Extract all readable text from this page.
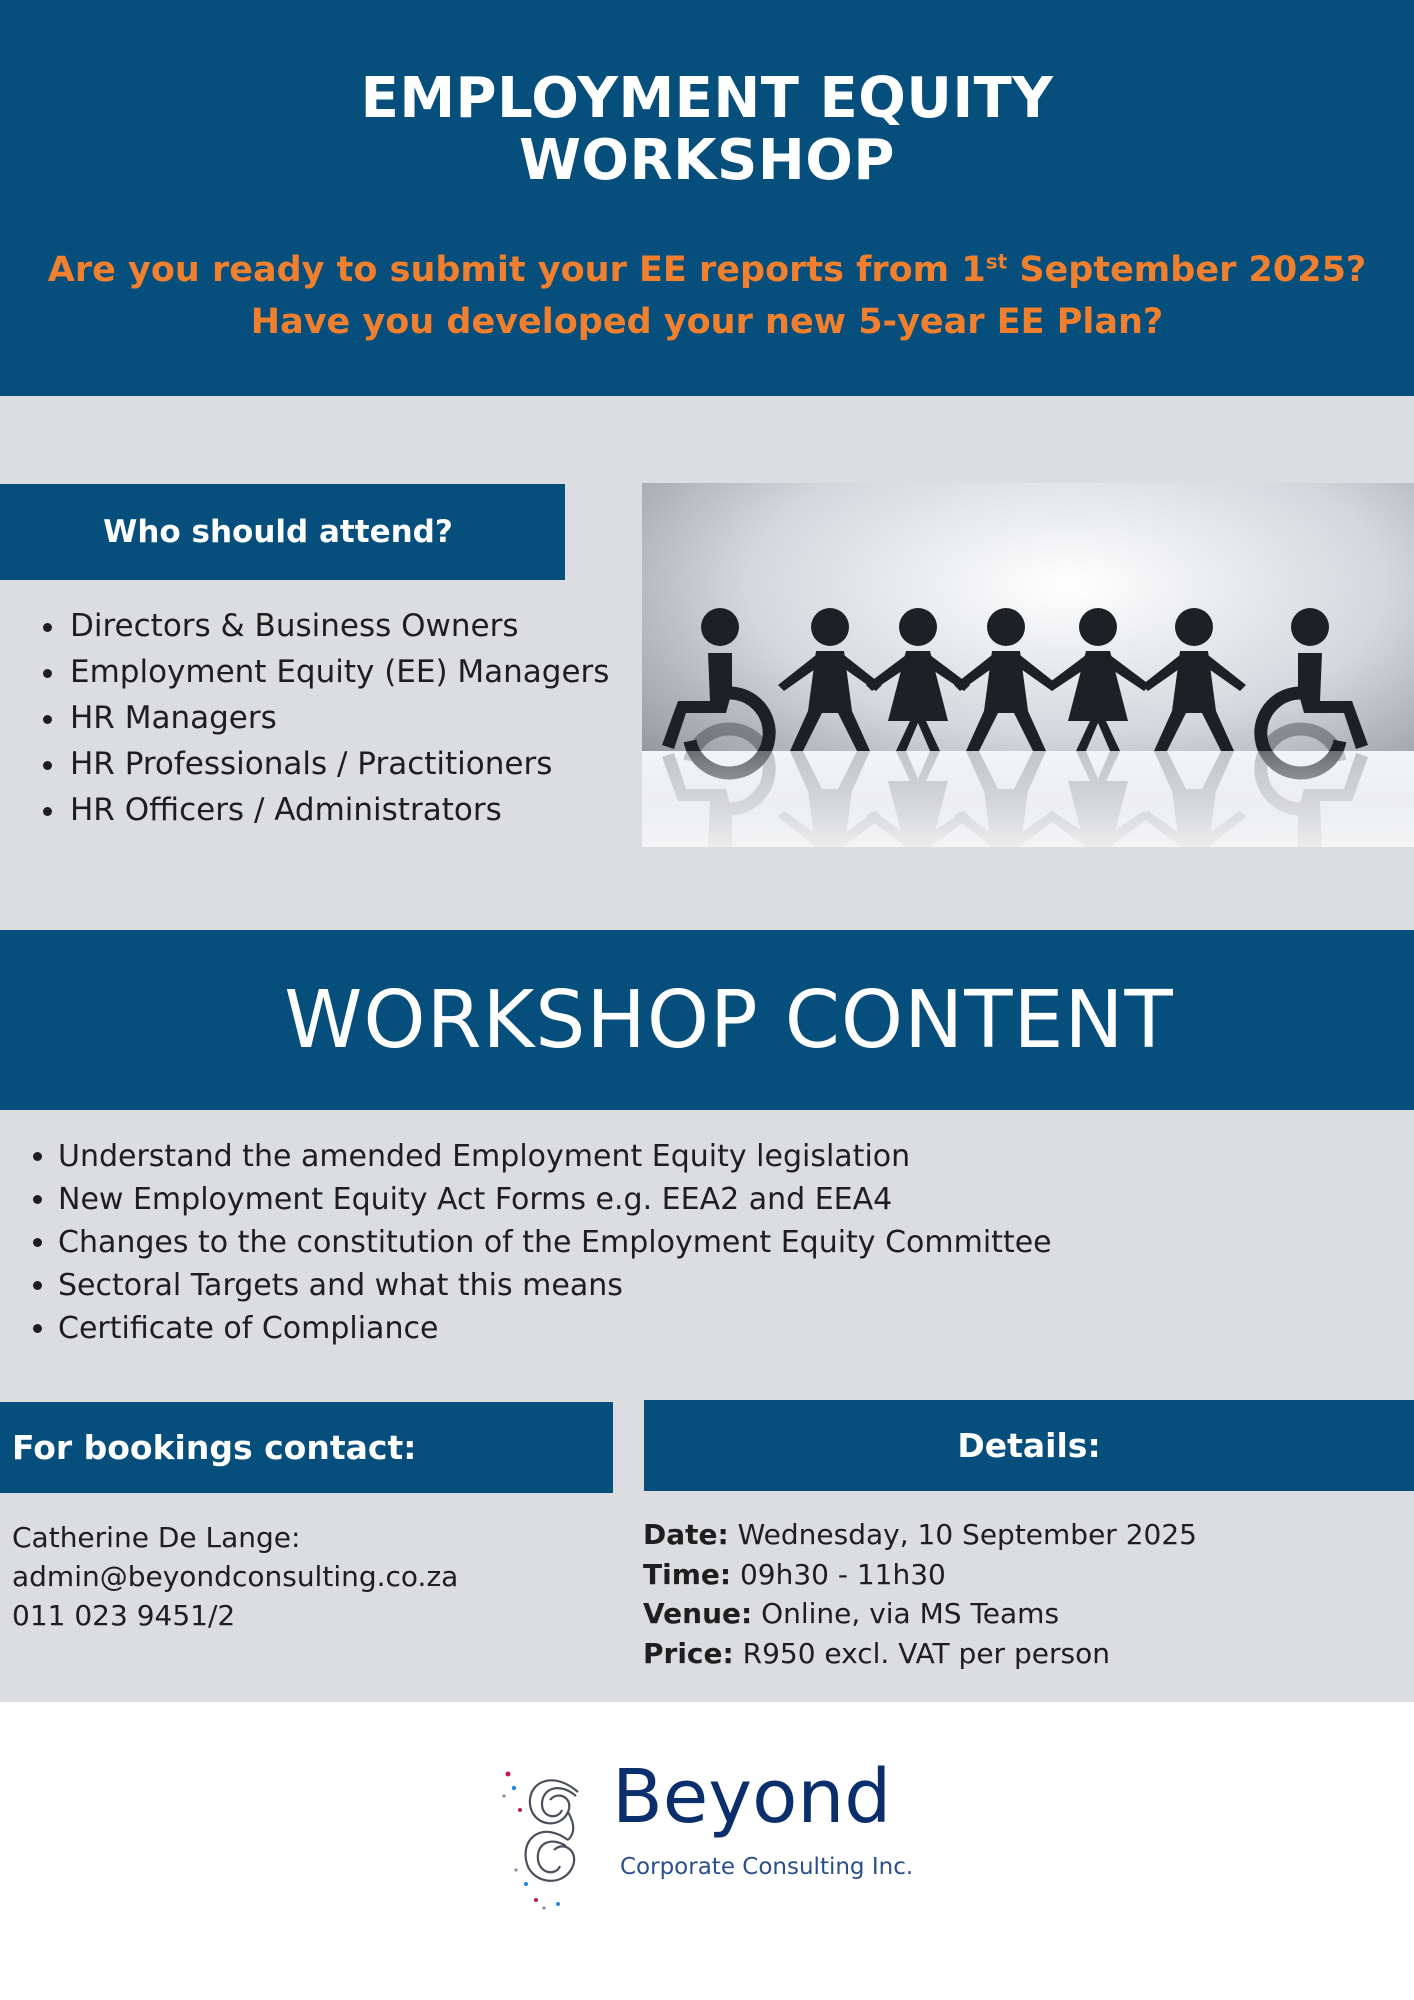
EMPLOYMENT EQUITY
WORKSHOP
Are you ready to submit your EE reports from 1st September 2025?
Have you developed your new 5-year EE Plan?
Who should attend?
• Directors & Business Owners
• Employment Equity (EE) Managers
• HR Managers
• HR Professionals / Practitioners
• HR Officers / Administrators
WORKSHOP CONTENT
• Understand the amended Employment Equity legislation
• New Employment Equity Act Forms e.g. EEA2 and EEA4
• Changes to the constitution of the Employment Equity Committee
• Sectoral Targets and what this means
• Certificate of Compliance
For bookings contact:
Catherine De Lange:
admin@beyondconsulting.co.za
011 023 9451/2
Details:
Date: Wednesday, 10 September 2025
Time: 09h30 - 11h30
Venue: Online, via MS Teams
Price: R950 excl. VAT per person
Beyond
Corporate Consulting Inc.
